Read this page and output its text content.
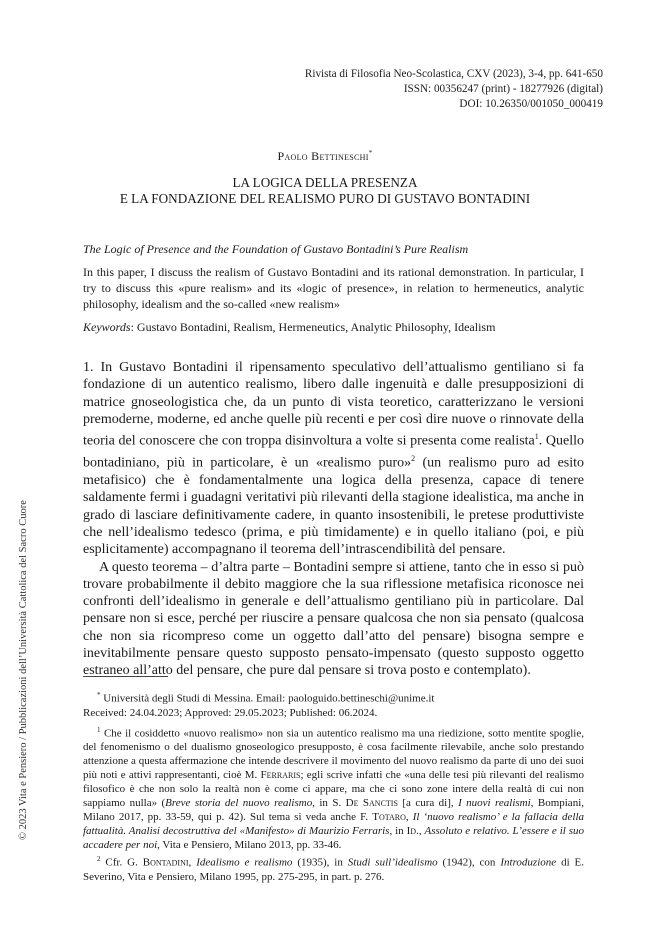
Rivista di Filosofia Neo-Scolastica, CXV (2023), 3-4, pp. 641-650
ISSN: 00356247 (print) - 18277926 (digital)
DOI: 10.26350/001050_000419
© 2023 Vita e Pensiero / Pubblicazioni dell’Università Cattolica del Sacro Cuore
Paolo Bettineschi*
LA LOGICA DELLA PRESENZA
E LA FONDAZIONE DEL REALISMO PURO DI GUSTAVO BONTADINI
The Logic of Presence and the Foundation of Gustavo Bontadini’s Pure Realism
In this paper, I discuss the realism of Gustavo Bontadini and its rational demonstration. In particular, I try to discuss this «pure realism» and its «logic of presence», in relation to hermeneutics, analytic philosophy, idealism and the so-called «new realism»
Keywords: Gustavo Bontadini, Realism, Hermeneutics, Analytic Philosophy, Idealism

1. In Gustavo Bontadini il ripensamento speculativo dell’attualismo gentiliano si fa fondazione di un autentico realismo, libero dalle ingenuità e dalle presupposizioni di matrice gnoseologistica che, da un punto di vista teoretico, caratterizzano le versioni premoderne, moderne, ed anche quelle più recenti e per così dire nuove o rinnovate della teoria del conoscere che con troppa disinvoltura a volte si presenta come realista$^1$. Quello bontadiniano, più in particolare, è un «realismo puro»$^2$ (un realismo puro ad esito metafisico) che è fondamentalmente una logica della presenza, capace di tenere saldamente fermi i guadagni veritativi più rilevanti della stagione idealistica, ma anche in grado di lasciare definitivamente cadere, in quanto insostenibili, le pretese produttiviste che nell’idealismo tedesco (prima, e più timidamente) e in quello italiano (poi, e più esplicitamente) accompagnano il teorema dell’intrascendibilità del pensare.

A questo teorema – d’altra parte – Bontadini sempre si attiene, tanto che in esso si può trovare probabilmente il debito maggiore che la sua riflessione metafisica riconosce nei confronti dell’idealismo in generale e dell’attualismo gentiliano più in particolare. Dal pensare non si esce, perché per riuscire a pensare qualcosa che non sia pensato (qualcosa che non sia ricompreso come un oggetto dall’atto del pensare) bisogna sempre e inevitabilmente pensare questo supposto pensato-impensato (questo supposto oggetto estraneo all’atto del pensare, che pure dal pensare si trova posto e contemplato).

* Università degli Studi di Messina. Email: paologuido.bettineschi@unime.it
Received: 24.04.2023; Approved: 29.05.2023; Published: 06.2024.

$^1$ Che il cosiddetto «nuovo realismo» non sia un autentico realismo ma una riedizione, sotto mentite spoglie, del fenomenismo o del dualismo gnoseologico presupposto, è cosa facilmente rilevabile, anche solo prestando attenzione a questa affermazione che intende descrivere il movimento del nuovo realismo da parte di uno dei suoi più noti e attivi rappresentanti, cioè M. Ferraris; egli scrive infatti che «una delle tesi più rilevanti del realismo filosofico è che non solo la realtà non è come ci appare, ma che ci sono zone intere della realtà di cui non sappiamo nulla» (Breve storia del nuovo realismo, in S. De Sanctis [a cura di], I nuovi realismi, Bompiani, Milano 2017, pp. 33-59, qui p. 42). Sul tema si veda anche F. Totaro, Il ‘nuovo realismo’ e la fallacia della fattualità. Analisi decostruttiva del «Manifesto» di Maurizio Ferraris, in Id., Assoluto e relativo. L’essere e il suo accadere per noi, Vita e Pensiero, Milano 2013, pp. 33-46.

$^2$ Cfr. G. Bontadini, Idealismo e realismo (1935), in Studi sull’idealismo (1942), con Introduzione di E. Severino, Vita e Pensiero, Milano 1995, pp. 275-295, in part. p. 276.
